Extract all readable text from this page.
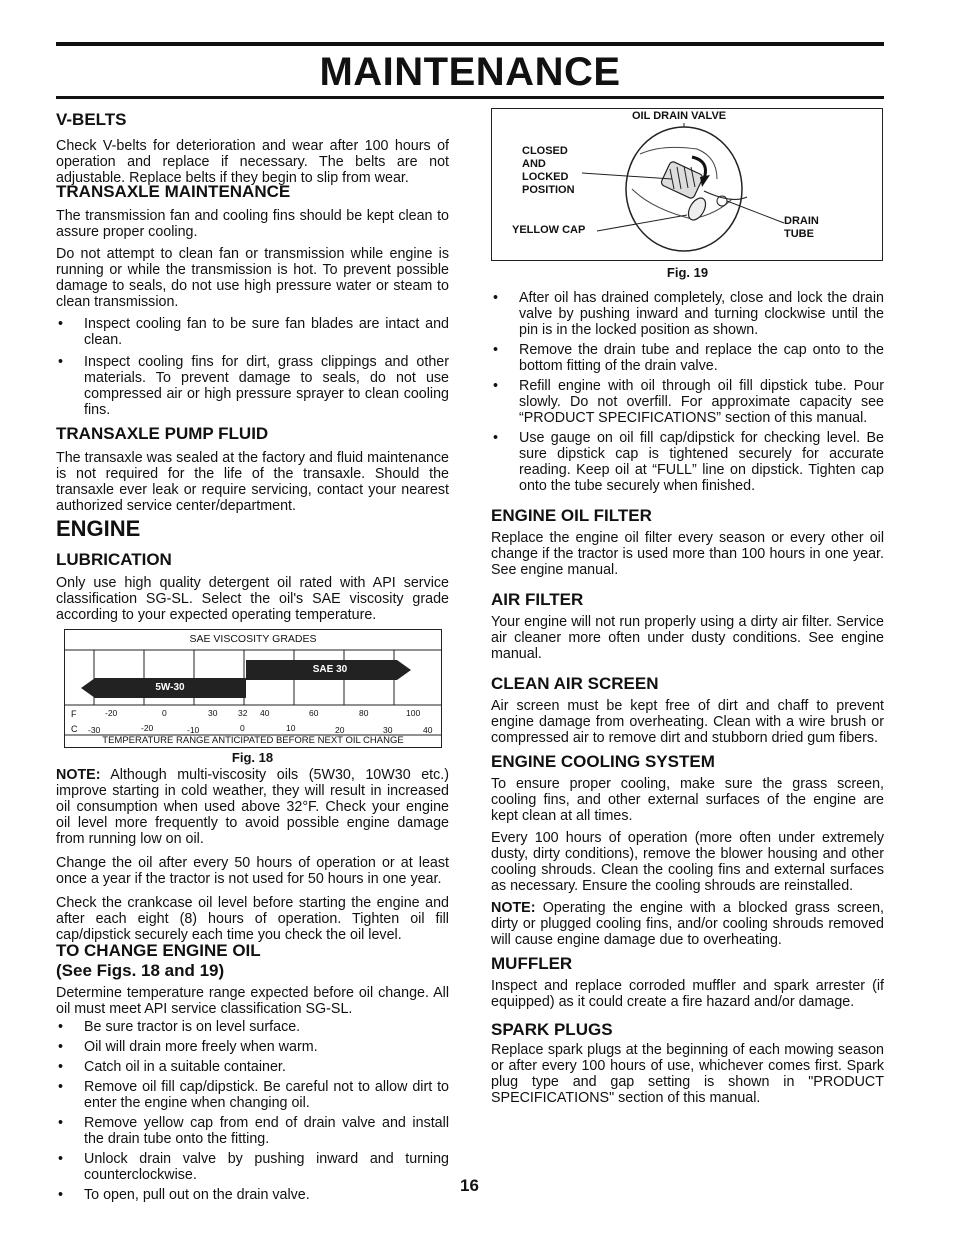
MAINTENANCE
V-BELTS

Check V-belts for deterioration and wear after 100 hours of operation and replace if necessary. The belts are not adjustable. Replace belts if they begin to slip from wear.

TRANSAXLE MAINTENANCE

The transmission fan and cooling fins should be kept clean to assure proper cooling.

Do not attempt to clean fan or transmission while engine is running or while the transmission is hot. To prevent possible damage to seals, do not use high pressure water or steam to clean transmission.

• Inspect cooling fan to be sure fan blades are intact and clean.
• Inspect cooling fins for dirt, grass clippings and other materials. To prevent damage to seals, do not use compressed air or high pressure sprayer to clean cooling fins.
TRANSAXLE PUMP FLUID

The transaxle was sealed at the factory and fluid maintenance is not required for the life of the transaxle. Should the transaxle ever leak or require servicing, contact your nearest authorized service center/department.

ENGINE
LUBRICATION

Only use high quality detergent oil rated with API service classification SG-SL. Select the oil's SAE viscosity grade according to your expected operating temperature.

SAE VISCOSITY GRADES
SAE 30
5W-30
F
C
-20	0	30 32 40	60	80	100
-30	-20	-10	0	10	20	30	40
TEMPERATURE RANGE ANTICIPATED BEFORE NEXT OIL CHANGE
Fig. 18

NOTE: Although multi-viscosity oils (5W30, 10W30 etc.) improve starting in cold weather, they will result in increased oil consumption when used above 32°F. Check your engine oil level more frequently to avoid possible engine damage from running low on oil.

Change the oil after every 50 hours of operation or at least once a year if the tractor is not used for 50 hours in one year.

Check the crankcase oil level before starting the engine and after each eight (8) hours of operation. Tighten oil fill cap/dipstick securely each time you check the oil level.

TO CHANGE ENGINE OIL
(See Figs. 18 and 19)

Determine temperature range expected before oil change. All oil must meet API service classification SG-SL.

• Be sure tractor is on level surface.
• Oil will drain more freely when warm.
• Catch oil in a suitable container.
• Remove oil fill cap/dipstick. Be careful not to allow dirt to enter the engine when changing oil.
• Remove yellow cap from end of drain valve and install the drain tube onto the fitting.
• Unlock drain valve by pushing inward and turning counterclockwise.
• To open, pull out on the drain valve.
OIL DRAIN VALVE
CLOSED
AND
LOCKED
POSITION
YELLOW CAP
DRAIN
TUBE
Fig. 19
• After oil has drained completely, close and lock the drain valve by pushing inward and turning clockwise until the pin is in the locked position as shown.
• Remove the drain tube and replace the cap onto to the bottom fitting of the drain valve.
• Refill engine with oil through oil fill dipstick tube. Pour slowly. Do not overfill. For approximate capacity see “PRODUCT SPECIFICATIONS” section of this manual.
• Use gauge on oil fill cap/dipstick for checking level. Be sure dipstick cap is tightened securely for accurate reading. Keep oil at “FULL” line on dipstick. Tighten cap onto the tube securely when finished.
ENGINE OIL FILTER

Replace the engine oil filter every season or every other oil change if the tractor is used more than 100 hours in one year. See engine manual.

AIR FILTER

Your engine will not run properly using a dirty air filter. Service air cleaner more often under dusty conditions. See engine manual.

CLEAN AIR SCREEN

Air screen must be kept free of dirt and chaff to prevent engine damage from overheating. Clean with a wire brush or compressed air to remove dirt and stubborn dried gum fibers.

ENGINE COOLING SYSTEM

To ensure proper cooling, make sure the grass screen, cooling fins, and other external surfaces of the engine are kept clean at all times.

Every 100 hours of operation (more often under extremely dusty, dirty conditions), remove the blower housing and other cooling shrouds. Clean the cooling fins and external surfaces as necessary. Ensure the cooling shrouds are reinstalled.

NOTE: Operating the engine with a blocked grass screen, dirty or plugged cooling fins, and/or cooling shrouds removed will cause engine damage due to overheating.

MUFFLER

Inspect and replace corroded muffler and spark arrester (if equipped) as it could create a fire hazard and/or damage.

SPARK PLUGS

Replace spark plugs at the beginning of each mowing season or after every 100 hours of use, whichever comes first. Spark plug type and gap setting is shown in "PRODUCT SPECIFICATIONS" section of this manual.

16
